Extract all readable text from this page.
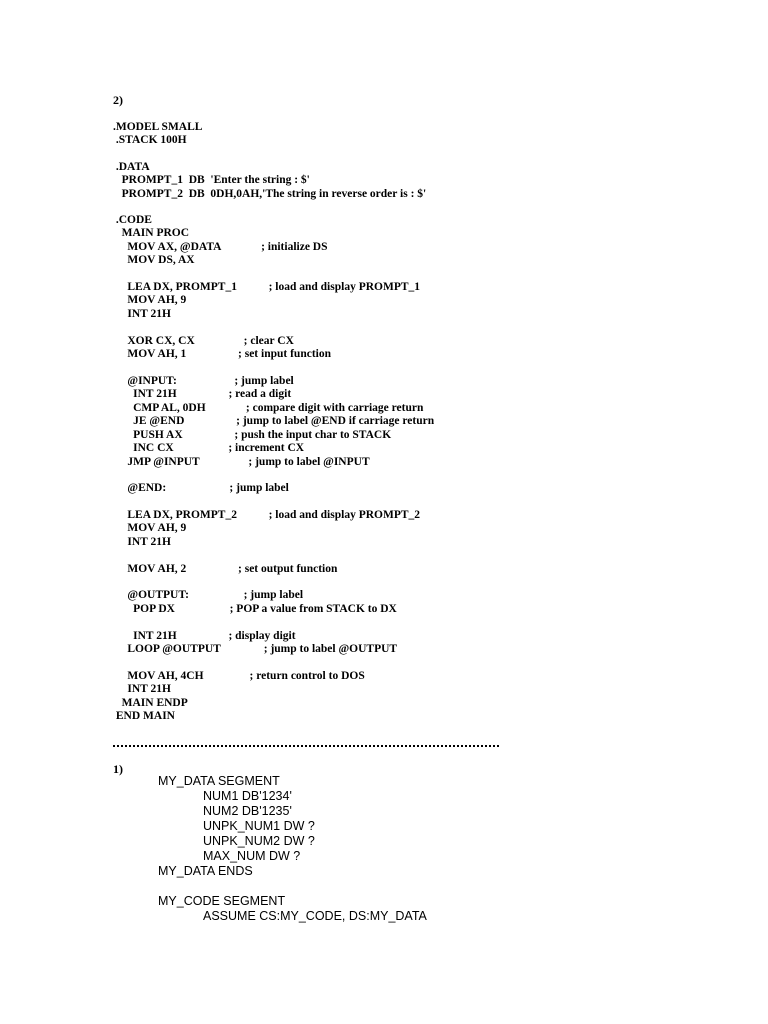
2)
.MODEL SMALL
.STACK 100H
.DATA
PROMPT_1  DB  'Enter the string : $'
PROMPT_2  DB  0DH,0AH,'The string in reverse order is : $'
.CODE
MAIN PROC
MOV AX, @DATA              ; initialize DS
MOV DS, AX
LEA DX, PROMPT_1           ; load and display PROMPT_1
MOV AH, 9
INT 21H
XOR CX, CX                 ; clear CX
MOV AH, 1                  ; set input function
@INPUT:                    ; jump label
INT 21H                  ; read a digit
CMP AL, 0DH              ; compare digit with carriage return
JE @END                  ; jump to label @END if carriage return
PUSH AX                  ; push the input char to STACK
INC CX                   ; increment CX
JMP @INPUT                 ; jump to label @INPUT
@END:                      ; jump label
LEA DX, PROMPT_2           ; load and display PROMPT_2
MOV AH, 9
INT 21H
MOV AH, 2                  ; set output function
@OUTPUT:                   ; jump label
POP DX                   ; POP a value from STACK to DX
INT 21H                  ; display digit
LOOP @OUTPUT               ; jump to label @OUTPUT
MOV AH, 4CH                ; return control to DOS
INT 21H
MAIN ENDP
END MAIN
1)
MY_DATA SEGMENT
NUM1 DB'1234'
NUM2 DB'1235'
UNPK_NUM1 DW ?
UNPK_NUM2 DW ?
MAX_NUM DW ?
MY_DATA ENDS
MY_CODE SEGMENT
ASSUME CS:MY_CODE, DS:MY_DATA
